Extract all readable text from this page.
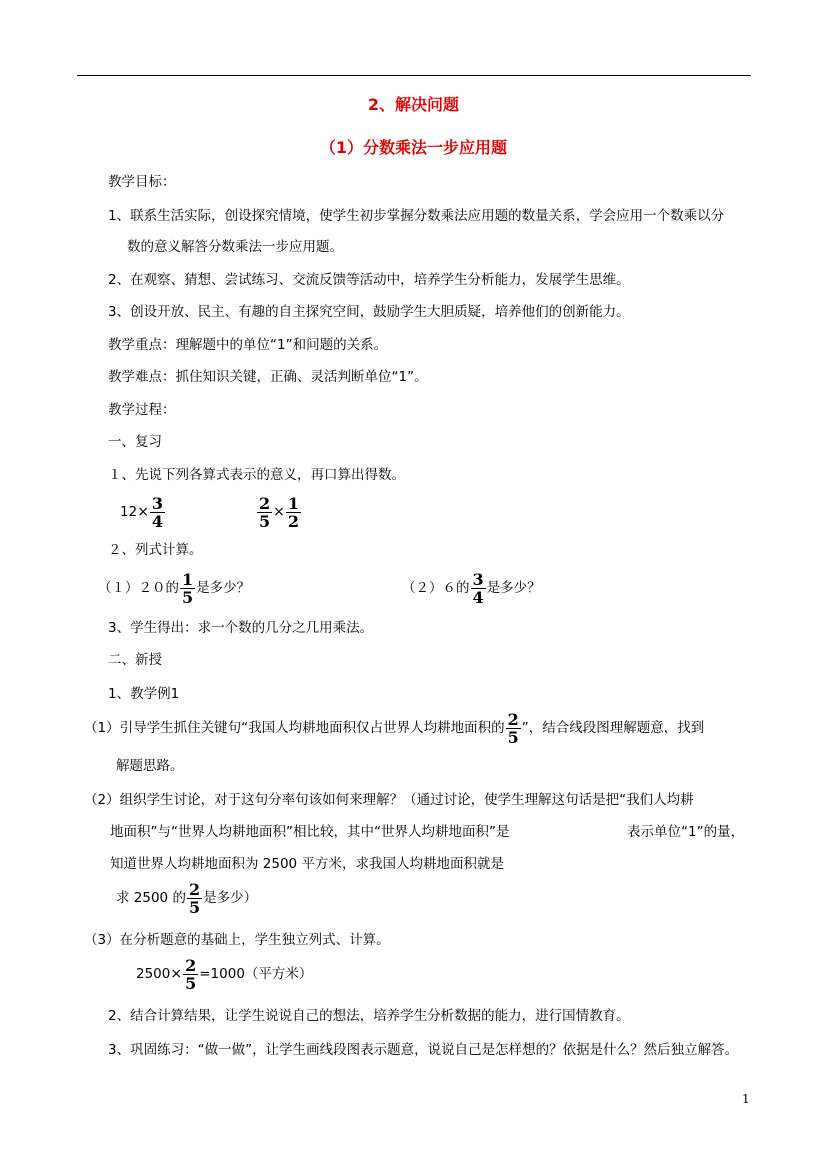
2、解决问题
（1）分数乘法一步应用题
教学目标：
1、联系生活实际，创设探究情境，使学生初步掌握分数乘法应用题的数量关系，学会应用一个数乘以分
数的意义解答分数乘法一步应用题。
2、在观察、猜想、尝试练习、交流反馈等活动中，培养学生分析能力，发展学生思维。
3、创设开放、民主、有趣的自主探究空间，鼓励学生大胆质疑，培养他们的创新能力。
教学重点：理解题中的单位“1”和问题的关系。
教学难点：抓住知识关键，正确、灵活判断单位“1”。
教学过程：
一、复习
１、先说下列各算式表示的意义，再口算出得数。
$12\times \frac{3}{4}$	$\frac{2}{5} \times \frac{1}{2}$
２、列式计算。
（１）２０的 $\frac{1}{5}$ 是多少？	（２）６的 $\frac{3}{4}$ 是多少？
3、学生得出：求一个数的几分之几用乘法。
二、新授
1、教学例1
（1）引导学生抓住关键句“我国人均耕地面积仅占世界人均耕地面积的 $\frac{2}{5}$ ”，结合线段图理解题意，找到
解题思路。
（2）组织学生讨论，对于这句分率句该如何来理解？（通过讨论，使学生理解这句话是把“我们人均耕
地面积”与“世界人均耕地面积”相比较，其中“世界人均耕地面积”是	表示单位“1”的量，
知道世界人均耕地面积为 2500 平方米，求我国人均耕地面积就是
求 2500 的 $\frac{2}{5}$ 是多少）
（3）在分析题意的基础上，学生独立列式、计算。
$2500\times \frac{2}{5} =1000$（平方米）
2、结合计算结果，让学生说说自己的想法，培养学生分析数据的能力，进行国情教育。
3、巩固练习：“做一做”，让学生画线段图表示题意，说说自己是怎样想的？依据是什么？然后独立解答。
1
